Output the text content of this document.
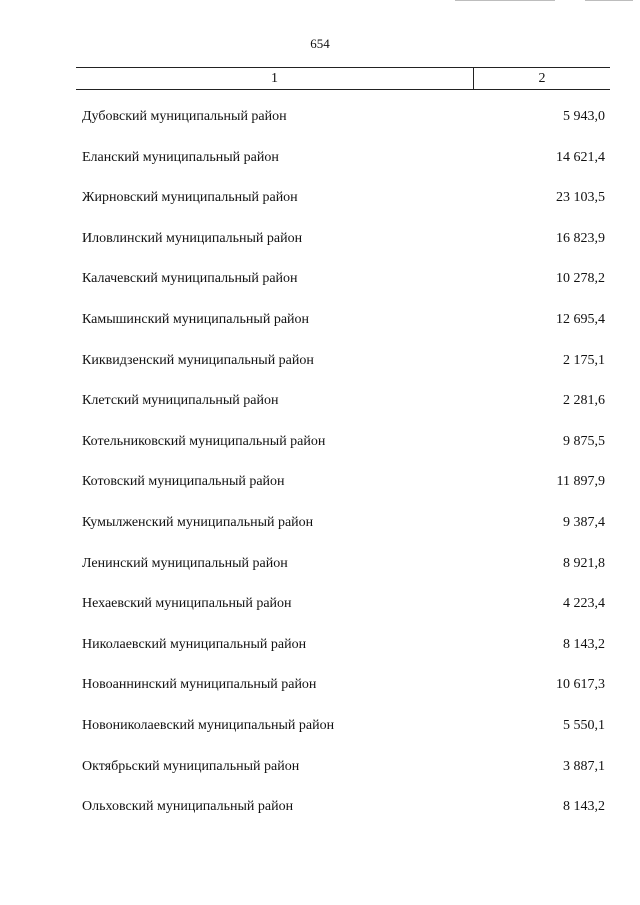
654
1	2
Дубовский муниципальный район	5 943,0
Еланский муниципальный район	14 621,4
Жирновский муниципальный район	23 103,5
Иловлинский муниципальный район	16 823,9
Калачевский муниципальный район	10 278,2
Камышинский муниципальный район	12 695,4
Киквидзенский муниципальный район	2 175,1
Клетский муниципальный район	2 281,6
Котельниковский муниципальный район	9 875,5
Котовский муниципальный район	11 897,9
Кумылженский муниципальный район	9 387,4
Ленинский муниципальный район	8 921,8
Нехаевский муниципальный район	4 223,4
Николаевский муниципальный район	8 143,2
Новоаннинский муниципальный район	10 617,3
Новониколаевский муниципальный район	5 550,1
Октябрьский муниципальный район	3 887,1
Ольховский муниципальный район	8 143,2
